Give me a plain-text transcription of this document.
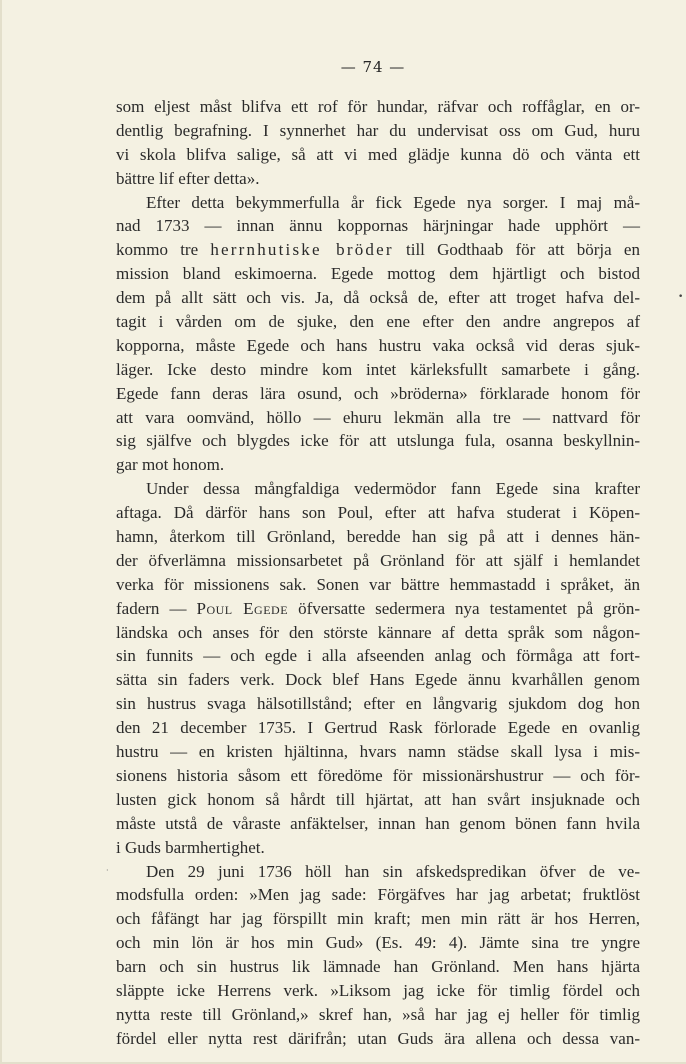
— 74 —
•
·
som eljest måst blifva ett rof för hundar, räfvar och roffåglar, en or-
dentlig begrafning. I synnerhet har du undervisat oss om Gud, huru
vi skola blifva salige, så att vi med glädje kunna dö och vänta ett
bättre lif efter detta».
Efter detta bekymmerfulla år fick Egede nya sorger. I maj må-
nad 1733 — innan ännu koppornas härjningar hade upphört —
kommo tre herrnhutiske bröder till Godthaab för att börja en
mission bland eskimoerna. Egede mottog dem hjärtligt och bistod
dem på allt sätt och vis. Ja, då också de, efter att troget hafva del-
tagit i vården om de sjuke, den ene efter den andre angrepos af
kopporna, måste Egede och hans hustru vaka också vid deras sjuk-
läger. Icke desto mindre kom intet kärleksfullt samarbete i gång.
Egede fann deras lära osund, och »bröderna» förklarade honom för
att vara oomvänd, höllo — ehuru lekmän alla tre — nattvard för
sig själfve och blygdes icke för att utslunga fula, osanna beskyllnin-
gar mot honom.
Under dessa mångfaldiga vedermödor fann Egede sina krafter
aftaga. Då därför hans son Poul, efter att hafva studerat i Köpen-
hamn, återkom till Grönland, beredde han sig på att i dennes hän-
der öfverlämna missionsarbetet på Grönland för att själf i hemlandet
verka för missionens sak. Sonen var bättre hemmastadd i språket, än
fadern — Poul Egede öfversatte sedermera nya testamentet på grön-
ländska och anses för den störste kännare af detta språk som någon-
sin funnits — och egde i alla afseenden anlag och förmåga att fort-
sätta sin faders verk. Dock blef Hans Egede ännu kvarhållen genom
sin hustrus svaga hälsotillstånd; efter en långvarig sjukdom dog hon
den 21 december 1735. I Gertrud Rask förlorade Egede en ovanlig
hustru — en kristen hjältinna, hvars namn städse skall lysa i mis-
sionens historia såsom ett föredöme för missionärshustrur — och för-
lusten gick honom så hårdt till hjärtat, att han svårt insjuknade och
måste utstå de våraste anfäktelser, innan han genom bönen fann hvila
i Guds barmhertighet.
Den 29 juni 1736 höll han sin afskedspredikan öfver de ve-
modsfulla orden: »Men jag sade: Förgäfves har jag arbetat; fruktlöst
och fåfängt har jag förspillt min kraft; men min rätt är hos Herren,
och min lön är hos min Gud» (Es. 49: 4). Jämte sina tre yngre
barn och sin hustrus lik lämnade han Grönland. Men hans hjärta
släppte icke Herrens verk. »Liksom jag icke för timlig fördel och
nytta reste till Grönland,» skref han, »så har jag ej heller för timlig
fördel eller nytta rest därifrån; utan Guds ära allena och dessa van-
